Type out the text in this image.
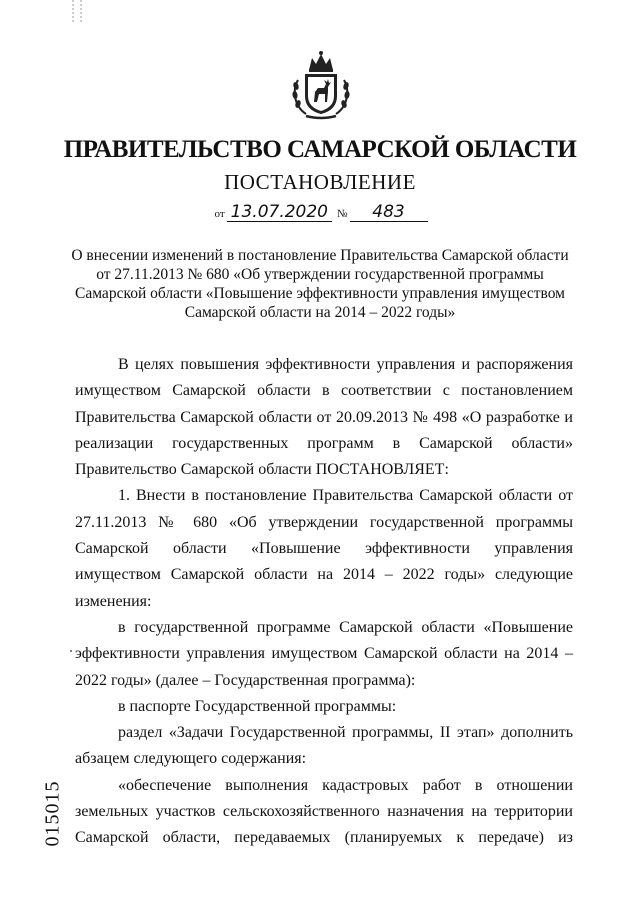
ПРАВИТЕЛЬСТВО САМАРСКОЙ ОБЛАСТИ
ПОСТАНОВЛЕНИЕ
от 13.07.2020 № 483
О внесении изменений в постановление Правительства Самарской области
от 27.11.2013 № 680 «Об утверждении государственной программы
Самарской области «Повышение эффективности управления имуществом
Самарской области на 2014 – 2022 годы»

В целях повышения эффективности управления и распоряжения имуществом Самарской области в соответствии с постановлением Правительства Самарской области от 20.09.2013 № 498 «О разработке и реализации государственных программ в Самарской области» Правительство Самарской области ПОСТАНОВЛЯЕТ:

1. Внести в постановление Правительства Самарской области от 27.11.2013 № 680 «Об утверждении государственной программы Самарской области «Повышение эффективности управления имуществом Самарской области на 2014 – 2022 годы» следующие изменения:

в государственной программе Самарской области «Повышение эффективности управления имуществом Самарской области на 2014 – 2022 годы» (далее – Государственная программа):

в паспорте Государственной программы:

раздел «Задачи Государственной программы, II этап» дополнить абзацем следующего содержания:

«обеспечение выполнения кадастровых работ в отношении земельных участков сельскохозяйственного назначения на территории Самарской области, передаваемых (планируемых к передаче) из

015015
